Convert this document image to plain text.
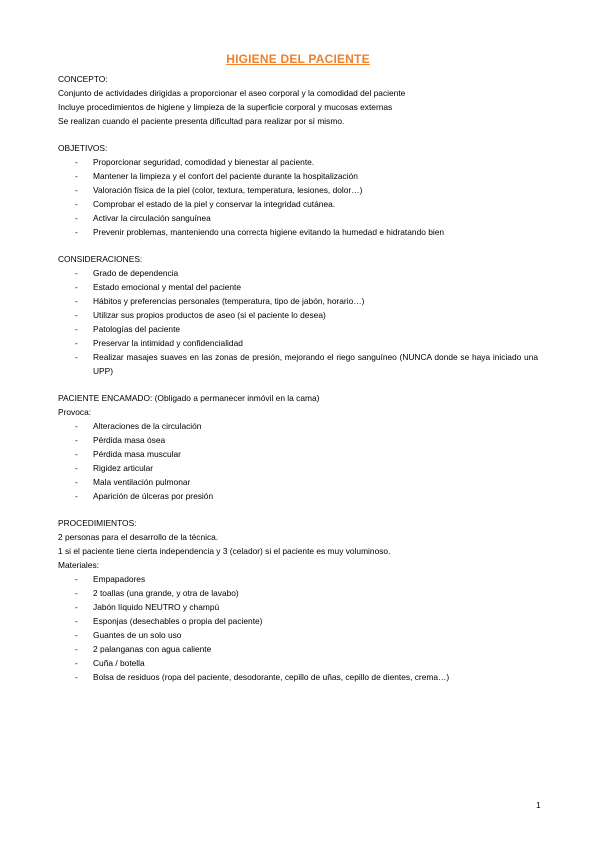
HIGIENE DEL PACIENTE
CONCEPTO:
Conjunto de actividades dirigidas a proporcionar el aseo corporal y la comodidad del paciente
Incluye procedimientos de higiene y limpieza de la superficie corporal y mucosas externas
Se realizan cuando el paciente presenta dificultad para realizar por sí mismo.
OBJETIVOS:
- Proporcionar seguridad, comodidad y bienestar al paciente.
- Mantener la limpieza y el confort del paciente durante la hospitalización
- Valoración física de la piel (color, textura, temperatura, lesiones, dolor…)
- Comprobar el estado de la piel y conservar la integridad cutánea.
- Activar la circulación sanguínea
- Prevenir problemas, manteniendo una correcta higiene evitando la humedad e hidratando bien
CONSIDERACIONES:
- Grado de dependencia
- Estado emocional y mental del paciente
- Hábitos y preferencias personales (temperatura, tipo de jabón, horario…)
- Utilizar sus propios productos de aseo (si el paciente lo desea)
- Patologías del paciente
- Preservar la intimidad y confidencialidad
- Realizar masajes suaves en las zonas de presión, mejorando el riego sanguíneo (NUNCA donde se haya iniciado una UPP)
PACIENTE ENCAMADO: (Obligado a permanecer inmóvil en la cama)
Provoca:
- Alteraciones de la circulación
- Pérdida masa ósea
- Pérdida masa muscular
- Rigidez articular
- Mala ventilación pulmonar
- Aparición de úlceras por presión
PROCEDIMIENTOS:
2 personas para el desarrollo de la técnica.
1 si el paciente tiene cierta independencia y 3 (celador) si el paciente es muy voluminoso.
Materiales:
- Empapadores
- 2 toallas (una grande, y otra de lavabo)
- Jabón líquido NEUTRO y champú
- Esponjas (desechables o propia del paciente)
- Guantes de un solo uso
- 2 palanganas con agua caliente
- Cuña / botella
- Bolsa de residuos (ropa del paciente, desodorante, cepillo de uñas, cepillo de dientes, crema…)
1
